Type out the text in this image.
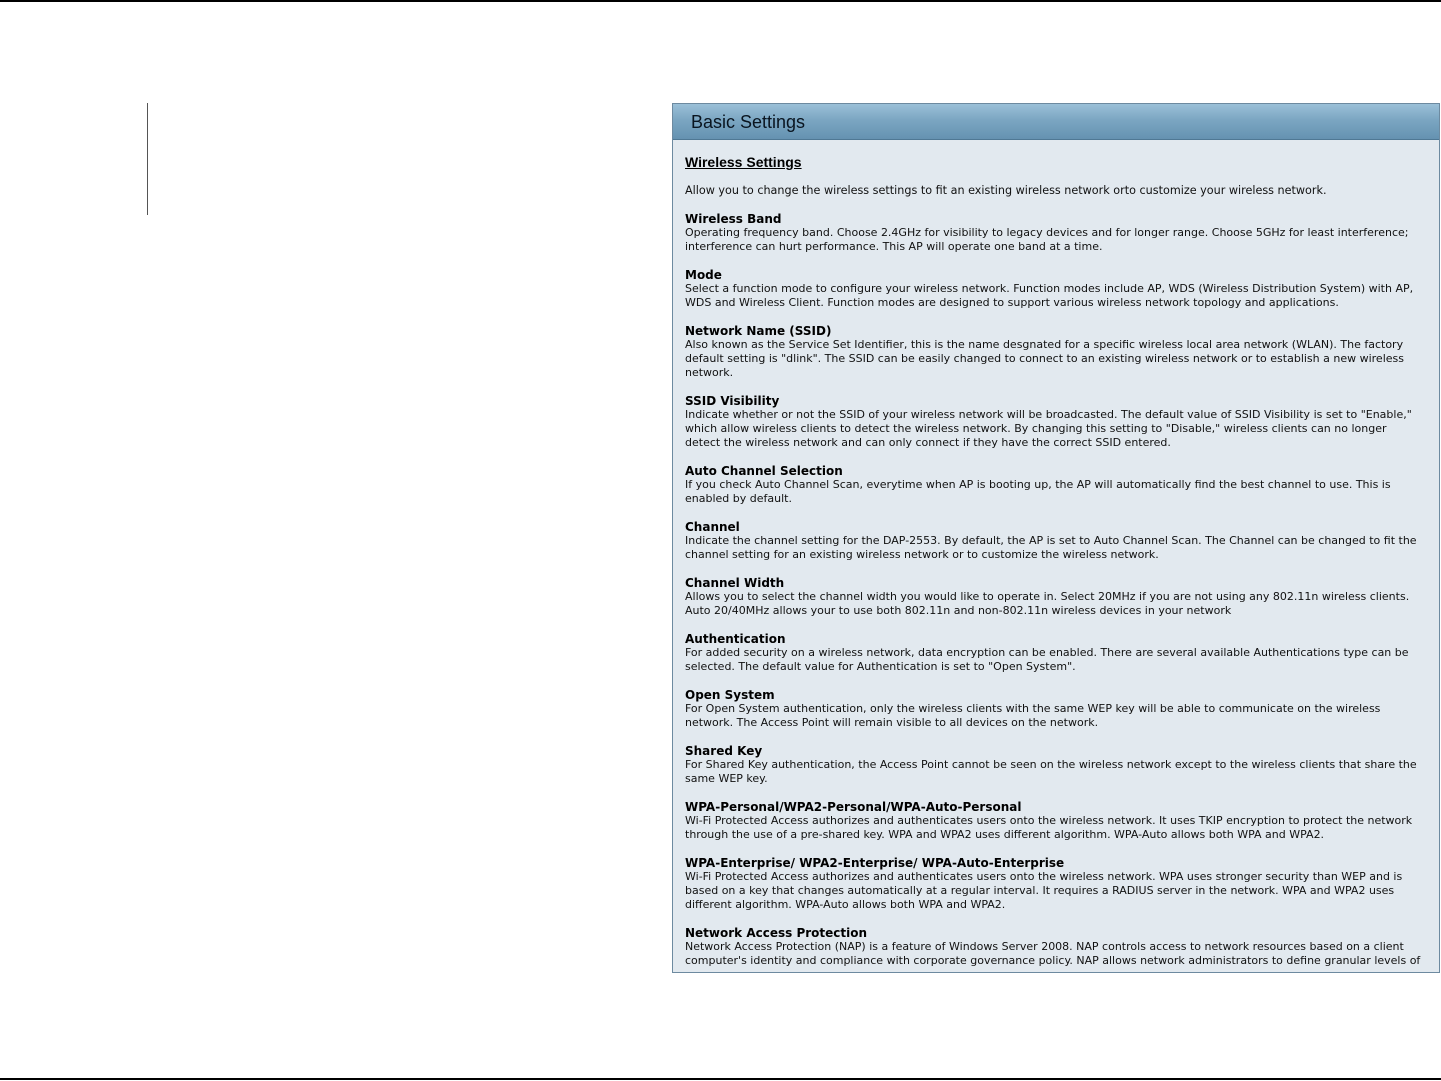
Basic Settings
Wireless Settings
Allow you to change the wireless settings to fit an existing wireless network orto customize your wireless network.
Wireless Band
Operating frequency band. Choose 2.4GHz for visibility to legacy devices and for longer range. Choose 5GHz for least interference; interference can hurt performance. This AP will operate one band at a time.
Mode
Select a function mode to configure your wireless network. Function modes include AP, WDS (Wireless Distribution System) with AP, WDS and Wireless Client. Function modes are designed to support various wireless network topology and applications.
Network Name (SSID)
Also known as the Service Set Identifier, this is the name desgnated for a specific wireless local area network (WLAN). The factory default setting is "dlink". The SSID can be easily changed to connect to an existing wireless network or to establish a new wireless network.
SSID Visibility
Indicate whether or not the SSID of your wireless network will be broadcasted. The default value of SSID Visibility is set to "Enable," which allow wireless clients to detect the wireless network. By changing this setting to "Disable," wireless clients can no longer detect the wireless network and can only connect if they have the correct SSID entered.
Auto Channel Selection
If you check Auto Channel Scan, everytime when AP is booting up, the AP will automatically find the best channel to use. This is enabled by default.
Channel
Indicate the channel setting for the DAP-2553. By default, the AP is set to Auto Channel Scan. The Channel can be changed to fit the channel setting for an existing wireless network or to customize the wireless network.
Channel Width
Allows you to select the channel width you would like to operate in. Select 20MHz if you are not using any 802.11n wireless clients. Auto 20/40MHz allows your to use both 802.11n and non-802.11n wireless devices in your network
Authentication
For added security on a wireless network, data encryption can be enabled. There are several available Authentications type can be selected. The default value for Authentication is set to "Open System".
Open System
For Open System authentication, only the wireless clients with the same WEP key will be able to communicate on the wireless network. The Access Point will remain visible to all devices on the network.
Shared Key
For Shared Key authentication, the Access Point cannot be seen on the wireless network except to the wireless clients that share the same WEP key.
WPA-Personal/WPA2-Personal/WPA-Auto-Personal
Wi-Fi Protected Access authorizes and authenticates users onto the wireless network. It uses TKIP encryption to protect the network through the use of a pre-shared key. WPA and WPA2 uses different algorithm. WPA-Auto allows both WPA and WPA2.
WPA-Enterprise/ WPA2-Enterprise/ WPA-Auto-Enterprise
Wi-Fi Protected Access authorizes and authenticates users onto the wireless network. WPA uses stronger security than WEP and is based on a key that changes automatically at a regular interval. It requires a RADIUS server in the network. WPA and WPA2 uses different algorithm. WPA-Auto allows both WPA and WPA2.
Network Access Protection
Network Access Protection (NAP) is a feature of Windows Server 2008. NAP controls access to network resources based on a client computer's identity and compliance with corporate governance policy. NAP allows network administrators to define granular levels of
